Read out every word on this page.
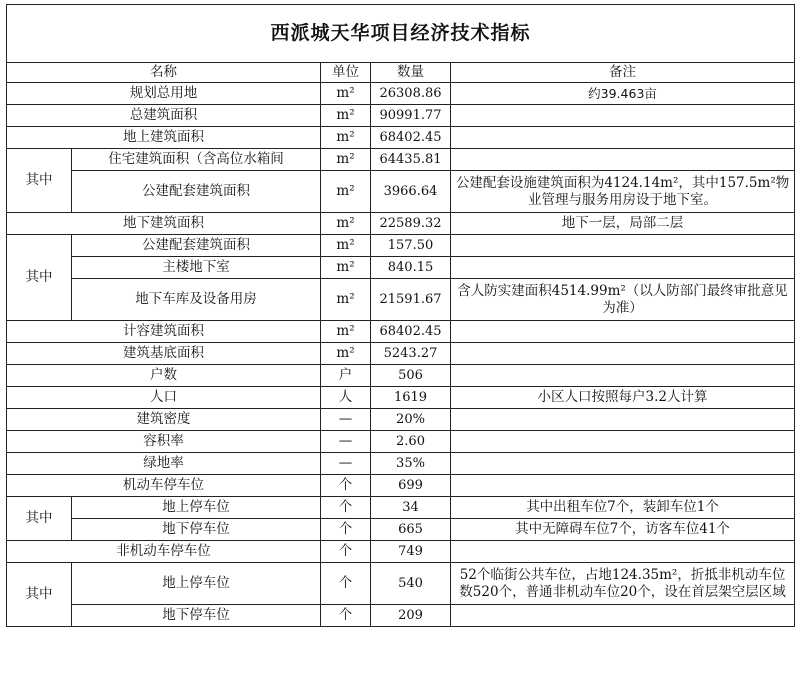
西派城天华项目经济技术指标				
名称		单位	数量	备注
规划总用地		m²	26308.86	约39.463亩
总建筑面积		m²	90991.77	
地上建筑面积		m²	68402.45	
其中	住宅建筑面积（含高位水箱间	m²	64435.81	
	公建配套建筑面积	m²	3966.64	公建配套设施建筑面积为4124.14m²，其中157.5m²物业管理与服务用房设于地下室。
地下建筑面积		m²	22589.32	地下一层，局部二层
其中	公建配套建筑面积	m²	157.50	
	主楼地下室	m²	840.15	
	地下车库及设备用房	m²	21591.67	含人防实建面积4514.99m²（以人防部门最终审批意见为准）
计容建筑面积		m²	68402.45	
建筑基底面积		m²	5243.27	
户数		户	506	
人口		人	1619	小区人口按照每户3.2人计算
建筑密度		—	20%	
容积率		—	2.60	
绿地率		—	35%	
机动车停车位		个	699	
其中	地上停车位	个	34	其中出租车位7个，装卸车位1个
	地下停车位	个	665	其中无障碍车位7个，访客车位41个
非机动车停车位		个	749	
其中	地上停车位	个	540	52个临街公共车位，占地124.35m²，折抵非机动车位数520个，普通非机动车位20个，设在首层架空层区域
	地下停车位	个	209	
